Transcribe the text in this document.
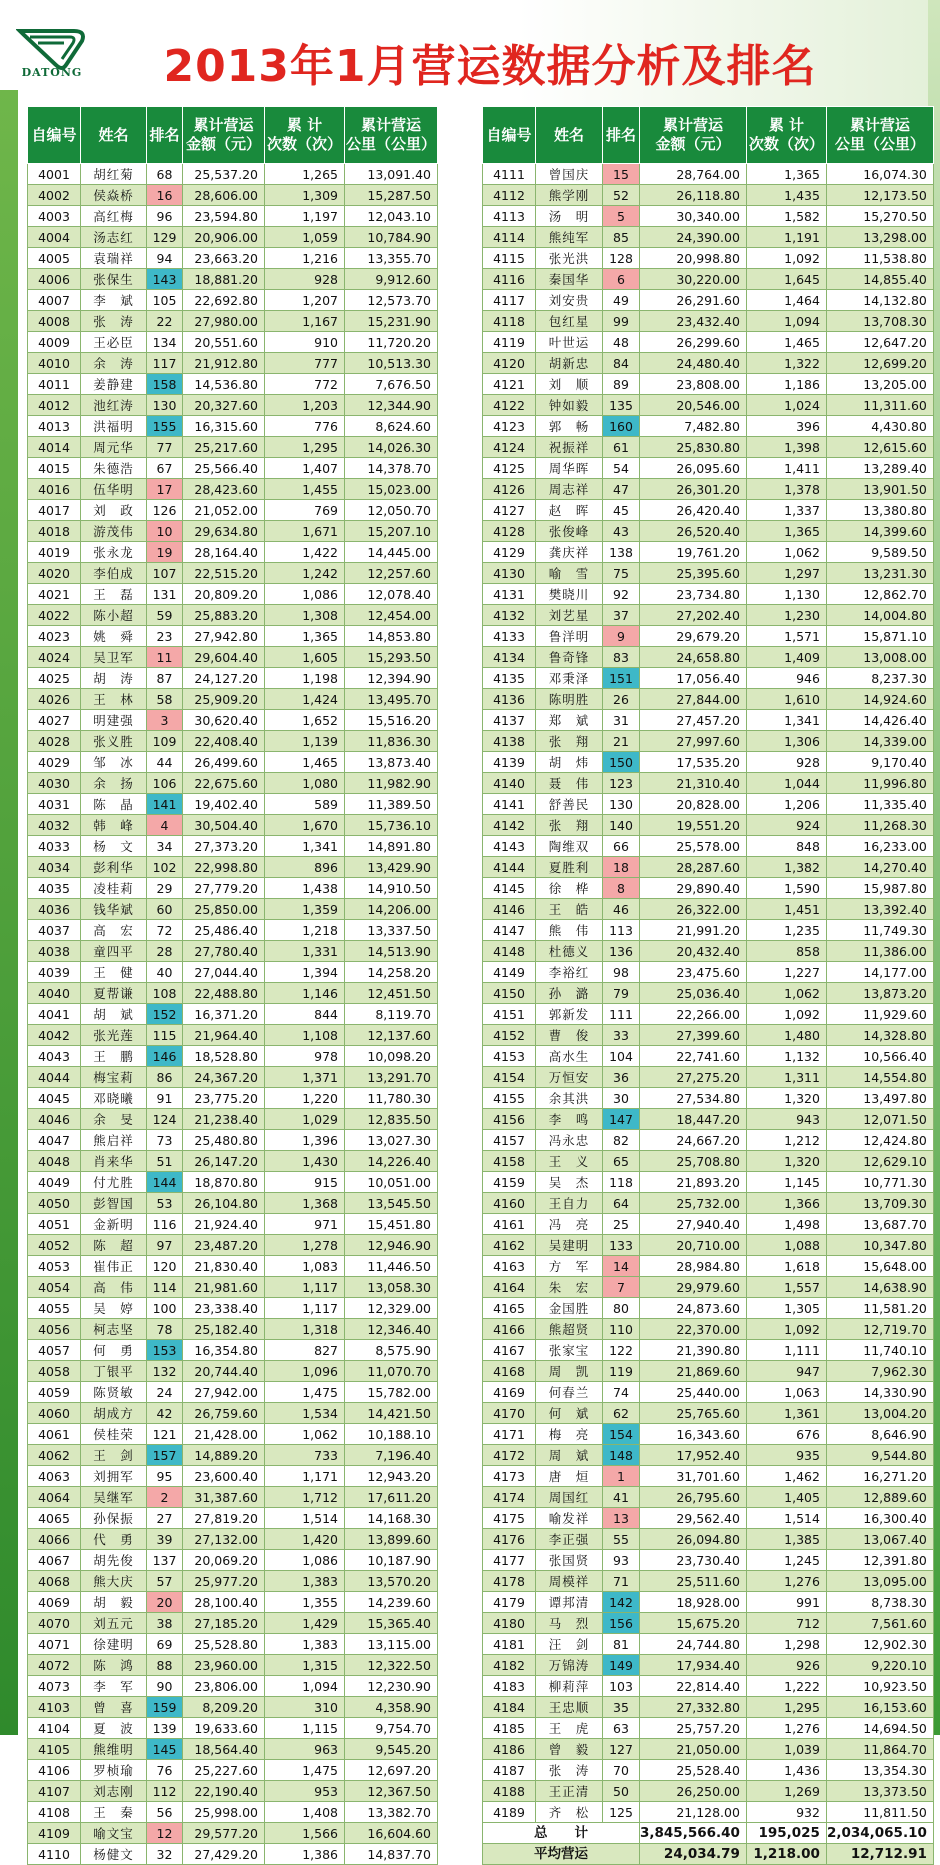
DATONG	2013年1月营运数据分析及排名
自编号	姓名	排名	累计营运
金额（元）	累 计
次数（次）	累计营运
公里（公里）
4001	胡红菊	68	25,537.20	1,265	13,091.40
4002	侯焱桥	16	28,606.00	1,309	15,287.50
4003	高红梅	96	23,594.80	1,197	12,043.10
4004	汤志红	129	20,906.00	1,059	10,784.90
4005	袁瑞祥	94	23,663.20	1,216	13,355.70
4006	张保生	143	18,881.20	928	9,912.60
4007	李　斌	105	22,692.80	1,207	12,573.70
4008	张　涛	22	27,980.00	1,167	15,231.90
4009	王必臣	134	20,551.60	910	11,720.20
4010	余　涛	117	21,912.80	777	10,513.30
4011	姜静建	158	14,536.80	772	7,676.50
4012	池红涛	130	20,327.60	1,203	12,344.90
4013	洪福明	155	16,315.60	776	8,624.60
4014	周元华	77	25,217.60	1,295	14,026.30
4015	朱德浩	67	25,566.40	1,407	14,378.70
4016	伍华明	17	28,423.60	1,455	15,023.00
4017	刘　政	126	21,052.00	769	12,050.70
4018	游茂伟	10	29,634.80	1,671	15,207.10
4019	张永龙	19	28,164.40	1,422	14,445.00
4020	李伯成	107	22,515.20	1,242	12,257.60
4021	王　磊	131	20,809.20	1,086	12,078.40
4022	陈小超	59	25,883.20	1,308	12,454.00
4023	姚　舜	23	27,942.80	1,365	14,853.80
4024	吴卫军	11	29,604.40	1,605	15,293.50
4025	胡　涛	87	24,127.20	1,198	12,394.90
4026	王　林	58	25,909.20	1,424	13,495.70
4027	明建强	3	30,620.40	1,652	15,516.20
4028	张义胜	109	22,408.40	1,139	11,836.30
4029	邹　冰	44	26,499.60	1,465	13,873.40
4030	余　扬	106	22,675.60	1,080	11,982.90
4031	陈　晶	141	19,402.40	589	11,389.50
4032	韩　峰	4	30,504.40	1,670	15,736.10
4033	杨　文	34	27,373.20	1,341	14,891.80
4034	彭利华	102	22,998.80	896	13,429.90
4035	凌桂莉	29	27,779.20	1,438	14,910.50
4036	钱华斌	60	25,850.00	1,359	14,206.00
4037	高　宏	72	25,486.40	1,218	13,337.50
4038	童四平	28	27,780.40	1,331	14,513.90
4039	王　健	40	27,044.40	1,394	14,258.20
4040	夏帮谦	108	22,488.80	1,146	12,451.50
4041	胡　斌	152	16,371.20	844	8,119.70
4042	张光莲	115	21,964.40	1,108	12,137.60
4043	王　鹏	146	18,528.80	978	10,098.20
4044	梅宝莉	86	24,367.20	1,371	13,291.70
4045	邓晓曦	91	23,775.20	1,220	11,780.30
4046	余　旻	124	21,238.40	1,029	12,835.50
4047	熊启祥	73	25,480.80	1,396	13,027.30
4048	肖来华	51	26,147.20	1,430	14,226.40
4049	付尤胜	144	18,870.80	915	10,051.00
4050	彭智国	53	26,104.80	1,368	13,545.50
4051	金新明	116	21,924.40	971	15,451.80
4052	陈　超	97	23,487.20	1,278	12,946.90
4053	崔伟正	120	21,830.40	1,083	11,446.50
4054	高　伟	114	21,981.60	1,117	13,058.30
4055	吴　婷	100	23,338.40	1,117	12,329.00
4056	柯志坚	78	25,182.40	1,318	12,346.40
4057	何　勇	153	16,354.80	827	8,575.90
4058	丁银平	132	20,744.40	1,096	11,070.70
4059	陈贤敏	24	27,942.00	1,475	15,782.00
4060	胡成方	42	26,759.60	1,534	14,421.50
4061	侯桂荣	121	21,428.00	1,062	10,188.10
4062	王　剑	157	14,889.20	733	7,196.40
4063	刘拥军	95	23,600.40	1,171	12,943.20
4064	吴继军	2	31,387.60	1,712	17,611.20
4065	孙保振	27	27,819.20	1,514	14,168.30
4066	代　勇	39	27,132.00	1,420	13,899.60
4067	胡先俊	137	20,069.20	1,086	10,187.90
4068	熊大庆	57	25,977.20	1,383	13,570.20
4069	胡　毅	20	28,100.40	1,355	14,239.60
4070	刘五元	38	27,185.20	1,429	15,365.40
4071	徐建明	69	25,528.80	1,383	13,115.00
4072	陈　鸿	88	23,960.00	1,315	12,322.50
4073	李　军	90	23,806.00	1,094	12,230.90
4103	曾　喜	159	8,209.20	310	4,358.90
4104	夏　波	139	19,633.60	1,115	9,754.70
4105	熊维明	145	18,564.40	963	9,545.20
4106	罗桢瑜	76	25,227.60	1,475	12,697.20
4107	刘志刚	112	22,190.40	953	12,367.50
4108	王　秦	56	25,998.00	1,408	13,382.70
4109	喻文宝	12	29,577.20	1,566	16,604.60
4110	杨健文	32	27,429.20	1,386	14,837.70
自编号	姓名	排名	累计营运
金额（元）	累 计
次数（次）	累计营运
公里（公里）
4111	曾国庆	15	28,764.00	1,365	16,074.30
4112	熊学刚	52	26,118.80	1,435	12,173.50
4113	汤　明	5	30,340.00	1,582	15,270.50
4114	熊纯军	85	24,390.00	1,191	13,298.00
4115	张光洪	128	20,998.80	1,092	11,538.80
4116	秦国华	6	30,220.00	1,645	14,855.40
4117	刘安贵	49	26,291.60	1,464	14,132.80
4118	包红星	99	23,432.40	1,094	13,708.30
4119	叶世运	48	26,299.60	1,465	12,647.20
4120	胡新忠	84	24,480.40	1,322	12,699.20
4121	刘　顺	89	23,808.00	1,186	13,205.00
4122	钟如毅	135	20,546.00	1,024	11,311.60
4123	郭　畅	160	7,482.80	396	4,430.80
4124	祝振祥	61	25,830.80	1,398	12,615.60
4125	周华晖	54	26,095.60	1,411	13,289.40
4126	周志祥	47	26,301.20	1,378	13,901.50
4127	赵　晖	45	26,420.40	1,337	13,380.80
4128	张俊峰	43	26,520.40	1,365	14,399.60
4129	龚庆祥	138	19,761.20	1,062	9,589.50
4130	喻　雪	75	25,395.60	1,297	13,231.30
4131	樊晓川	92	23,734.80	1,130	12,862.70
4132	刘艺星	37	27,202.40	1,230	14,004.80
4133	鲁洋明	9	29,679.20	1,571	15,871.10
4134	鲁奇锋	83	24,658.80	1,409	13,008.00
4135	邓秉泽	151	17,056.40	946	8,237.30
4136	陈明胜	26	27,844.00	1,610	14,924.60
4137	郑　斌	31	27,457.20	1,341	14,426.40
4138	张　翔	21	27,997.60	1,306	14,339.00
4139	胡　炜	150	17,535.20	928	9,170.40
4140	聂　伟	123	21,310.40	1,044	11,996.80
4141	舒善民	130	20,828.00	1,206	11,335.40
4142	张　翔	140	19,551.20	924	11,268.30
4143	陶维双	66	25,578.00	848	16,233.00
4144	夏胜利	18	28,287.60	1,382	14,270.40
4145	徐　桦	8	29,890.40	1,590	15,987.80
4146	王　皓	46	26,322.00	1,451	13,392.40
4147	熊　伟	113	21,991.20	1,235	11,749.30
4148	杜德义	136	20,432.40	858	11,386.00
4149	李裕红	98	23,475.60	1,227	14,177.00
4150	孙　潞	79	25,036.40	1,062	13,873.20
4151	郭新发	111	22,266.00	1,092	11,929.60
4152	曹　俊	33	27,399.60	1,480	14,328.80
4153	高水生	104	22,741.60	1,132	10,566.40
4154	万恒安	36	27,275.20	1,311	14,554.80
4155	余其洪	30	27,534.80	1,320	13,497.80
4156	李　鸣	147	18,447.20	943	12,071.50
4157	冯永忠	82	24,667.20	1,212	12,424.80
4158	王　义	65	25,708.80	1,320	12,629.10
4159	吴　杰	118	21,893.20	1,145	10,771.30
4160	王自力	64	25,732.00	1,366	13,709.30
4161	冯　亮	25	27,940.40	1,498	13,687.70
4162	吴建明	133	20,710.00	1,088	10,347.80
4163	方　军	14	28,984.80	1,618	15,648.00
4164	朱　宏	7	29,979.60	1,557	14,638.90
4165	金国胜	80	24,873.60	1,305	11,581.20
4166	熊超贤	110	22,370.00	1,092	12,719.70
4167	张家宝	122	21,390.80	1,111	11,740.10
4168	周　凯	119	21,869.60	947	7,962.30
4169	何春兰	74	25,440.00	1,063	14,330.90
4170	何　斌	62	25,765.60	1,361	13,004.20
4171	梅　亮	154	16,343.60	676	8,646.90
4172	周　斌	148	17,952.40	935	9,544.80
4173	唐　烜	1	31,701.60	1,462	16,271.20
4174	周国红	41	26,795.60	1,405	12,889.60
4175	喻发祥	13	29,562.40	1,514	16,300.40
4176	李正强	55	26,094.80	1,385	13,067.40
4177	张国贤	93	23,730.40	1,245	12,391.80
4178	周模祥	71	25,511.60	1,276	13,095.00
4179	谭邦清	142	18,928.00	991	8,738.30
4180	马　烈	156	15,675.20	712	7,561.60
4181	汪　剑	81	24,744.80	1,298	12,902.30
4182	万锦涛	149	17,934.40	926	9,220.10
4183	柳莉萍	103	22,814.40	1,222	10,923.50
4184	王忠顺	35	27,332.80	1,295	16,153.60
4185	王　虎	63	25,757.20	1,276	14,694.50
4186	曾　毅	127	21,050.00	1,039	11,864.70
4187	张　涛	70	25,528.40	1,436	13,354.30
4188	王正清	50	26,250.00	1,269	13,373.50
4189	齐　松	125	21,128.00	932	11,811.50
总　　计			3,845,566.40	195,025	2,034,065.10
平均营运			24,034.79	1,218.00	12,712.91
